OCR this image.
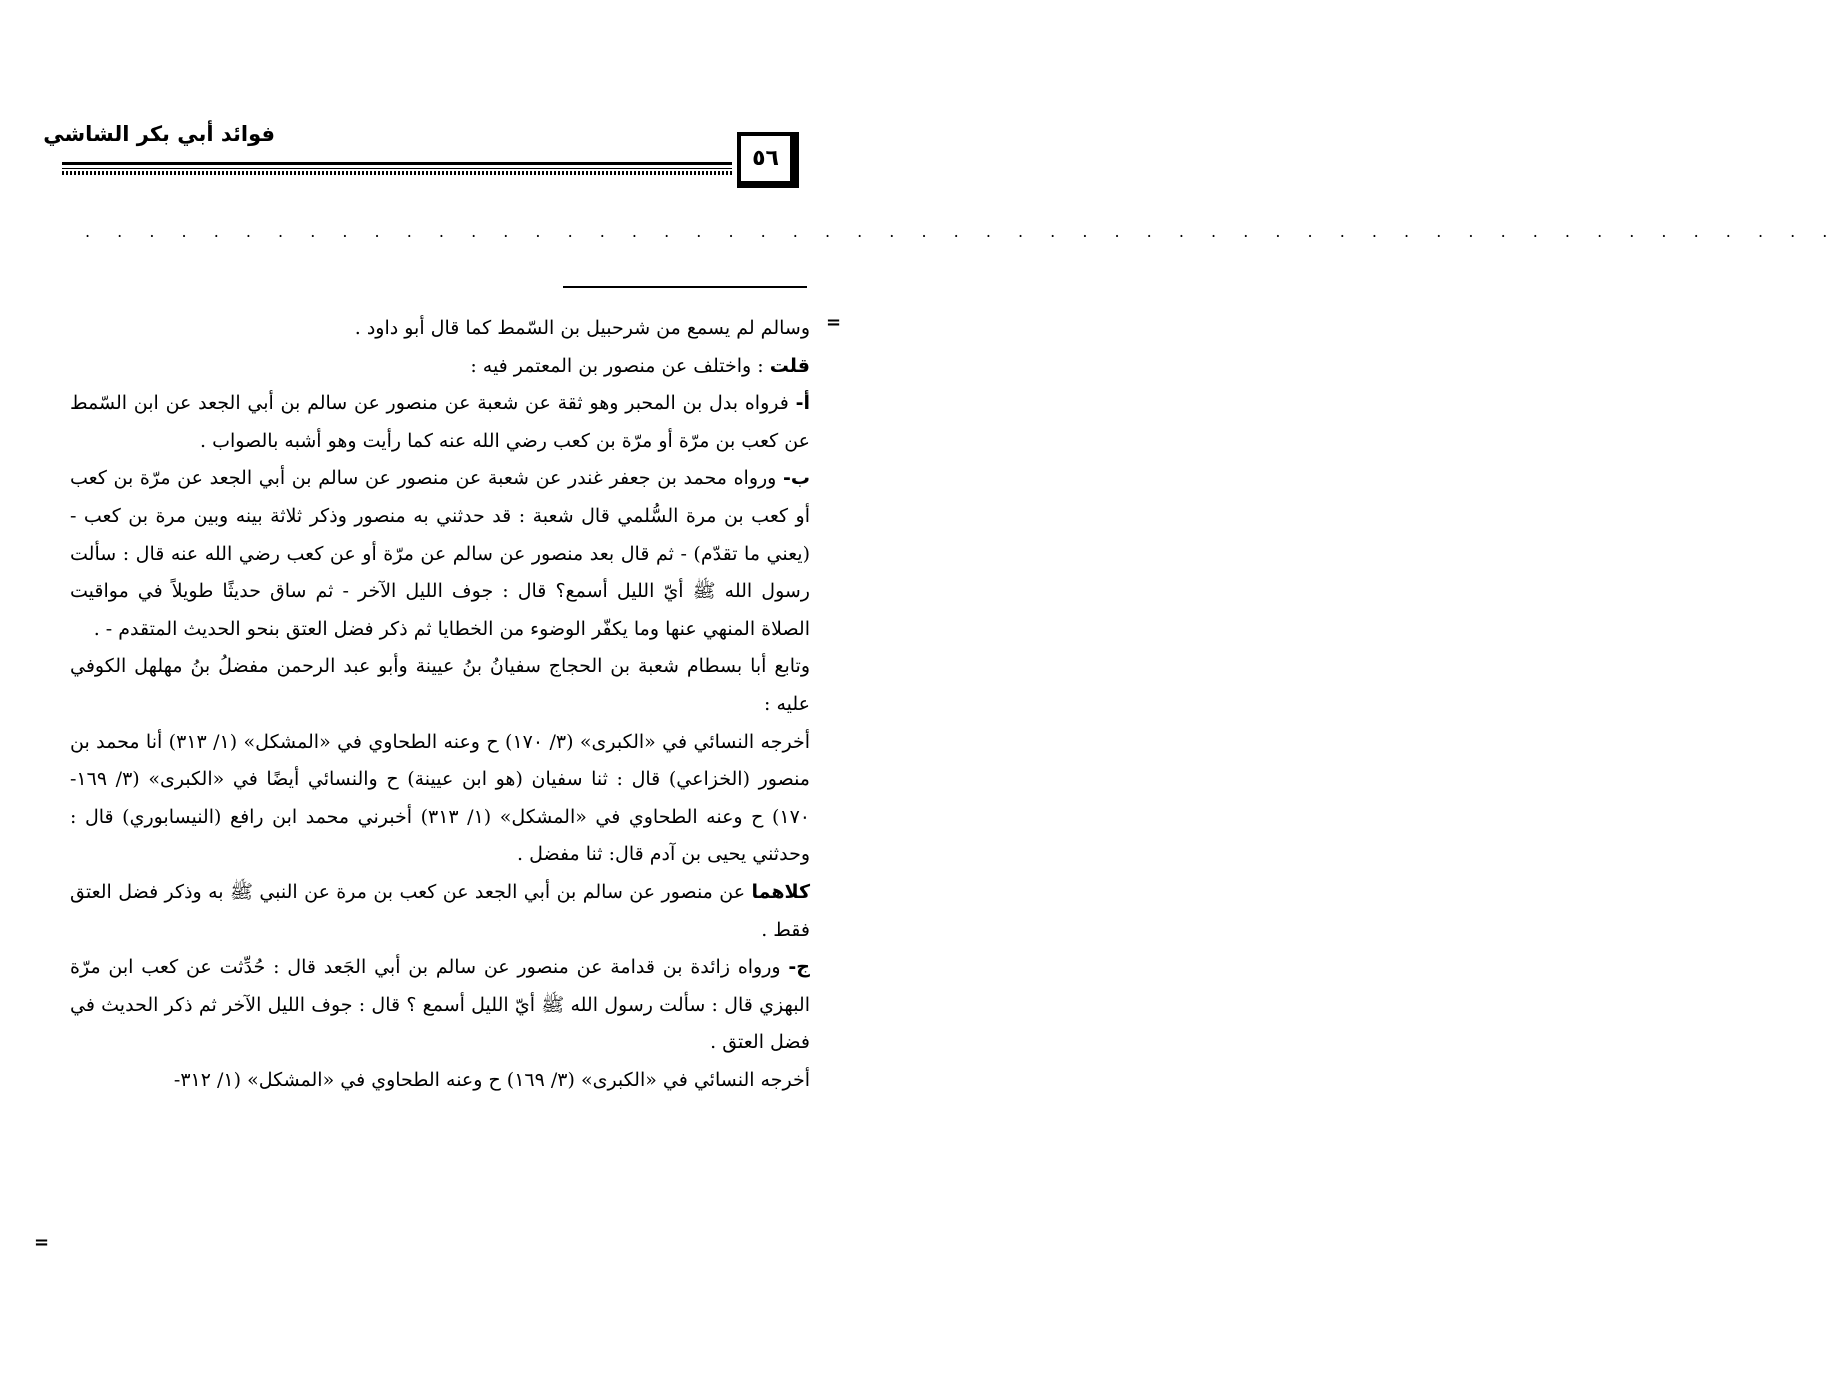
فوائد أبي بكر الشاشي
٥٦
. . . . . . . . . . . . . . . . . . . . . . . . . . . . . . . . . . . . . . . . . . . . . . . . . . . . . . .
=
=

وسالم لم يسمع من شرحبيل بن السّمط كما قال أبو داود .

قلت : واختلف عن منصور بن المعتمر فيه :

أ- فرواه بدل بن المحبر وهو ثقة عن شعبة عن منصور عن سالم بن أبي الجعد عن ابن السّمط عن كعب بن مرّة أو مرّة بن كعب رضي الله عنه كما رأيت وهو أشبه بالصواب .

ب- ورواه محمد بن جعفر غندر عن شعبة عن منصور عن سالم بن أبي الجعد عن مرّة بن كعب أو كعب بن مرة السُّلمي قال شعبة : قد حدثني به منصور وذكر ثلاثة بينه وبين مرة بن كعب - (يعني ما تقدّم) - ثم قال بعد منصور عن سالم عن مرّة أو عن كعب رضي الله عنه قال : سألت رسول الله ﷺ أيّ الليل أسمع؟ قال : جوف الليل الآخر - ثم ساق حديثًا طويلاً في مواقيت الصلاة المنهي عنها وما يكفّر الوضوء من الخطايا ثم ذكر فضل العتق بنحو الحديث المتقدم - .

وتابع أبا بسطام شعبة بن الحجاج سفيانُ بنُ عيينة وأبو عبد الرحمن مفضلُ بنُ مهلهل الكوفي عليه :

أخرجه النسائي في «الكبرى» (٣/ ١٧٠) ح وعنه الطحاوي في «المشكل» (١/ ٣١٣) أنا محمد بن منصور (الخزاعي) قال : ثنا سفيان (هو ابن عيينة) ح والنسائي أيضًا في «الكبرى» (٣/ ١٦٩- ١٧٠) ح وعنه الطحاوي في «المشكل» (١/ ٣١٣) أخبرني محمد ابن رافع (النيسابوري) قال : وحدثني يحيى بن آدم قال: ثنا مفضل .

كلاهما عن منصور عن سالم بن أبي الجعد عن كعب بن مرة عن النبي ﷺ به وذكر فضل العتق فقط .

ج- ورواه زائدة بن قدامة عن منصور عن سالم بن أبي الجَعد قال : حُدِّثت عن كعب ابن مرّة البهزي قال : سألت رسول الله ﷺ أيّ الليل أسمع ؟ قال : جوف الليل الآخر ثم ذكر الحديث في فضل العتق .

أخرجه النسائي في «الكبرى» (٣/ ١٦٩) ح وعنه الطحاوي في «المشكل» (١/ ٣١٢-
